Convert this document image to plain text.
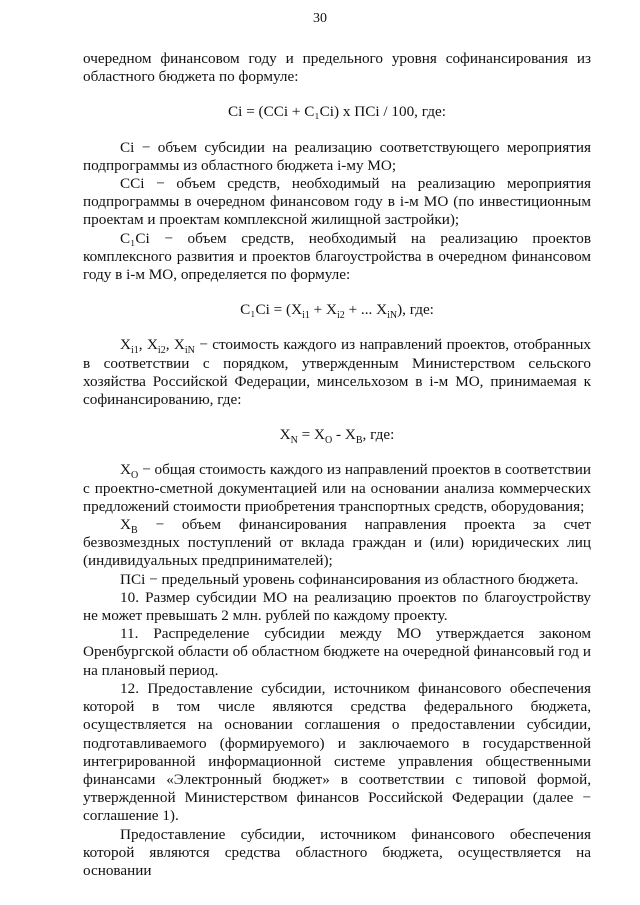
30

очередном финансовом году и предельного уровня софинансирования из областного бюджета по формуле:

Ci = (CCi + C₁Ci) x ПСi / 100, где:

Ci − объем субсидии на реализацию соответствующего мероприятия подпрограммы из областного бюджета i-му МО;

CCi − объем средств, необходимый на реализацию мероприятия подпрограммы в очередном финансовом году в i-м МО (по инвестиционным проектам и проектам комплексной жилищной застройки);

C₁Ci − объем средств, необходимый на реализацию проектов комплексного развития и проектов благоустройства в очередном финансовом году в i-м МО, определяется по формуле:

$C_1Ci = (X_{i1} + X_{i2}$ + ... $X_{iN}$), где:

$X_{i1}$, $X_{i2}$, $X_{iN}$ − стоимость каждого из направлений проектов, отобранных в соответствии с порядком, утвержденным Министерством сельского хозяйства Российской Федерации, минсельхозом в i-м МО, принимаемая к софинансированию, где:

$X_N = X_O - X_B$, где:

$X_O$ − общая стоимость каждого из направлений проектов в соответствии с проектно-сметной документацией или на основании анализа коммерческих предложений стоимости приобретения транспортных средств, оборудования;

$X_B$ − объем финансирования направления проекта за счет безвозмездных поступлений от вклада граждан и (или) юридических лиц (индивидуальных предпринимателей);

ПСi − предельный уровень софинансирования из областного бюджета.

10. Размер субсидии МО на реализацию проектов по благоустройству не может превышать 2 млн. рублей по каждому проекту.

11. Распределение субсидии между МО утверждается законом Оренбургской области об областном бюджете на очередной финансовый год и на плановый период.

12. Предоставление субсидии, источником финансового обеспечения которой в том числе являются средства федерального бюджета, осуществляется на основании соглашения о предоставлении субсидии, подготавливаемого (формируемого) и заключаемого в государственной интегрированной информационной системе управления общественными финансами «Электронный бюджет» в соответствии с типовой формой, утвержденной Министерством финансов Российской Федерации (далее − соглашение 1).

Предоставление субсидии, источником финансового обеспечения которой являются средства областного бюджета, осуществляется на основании
